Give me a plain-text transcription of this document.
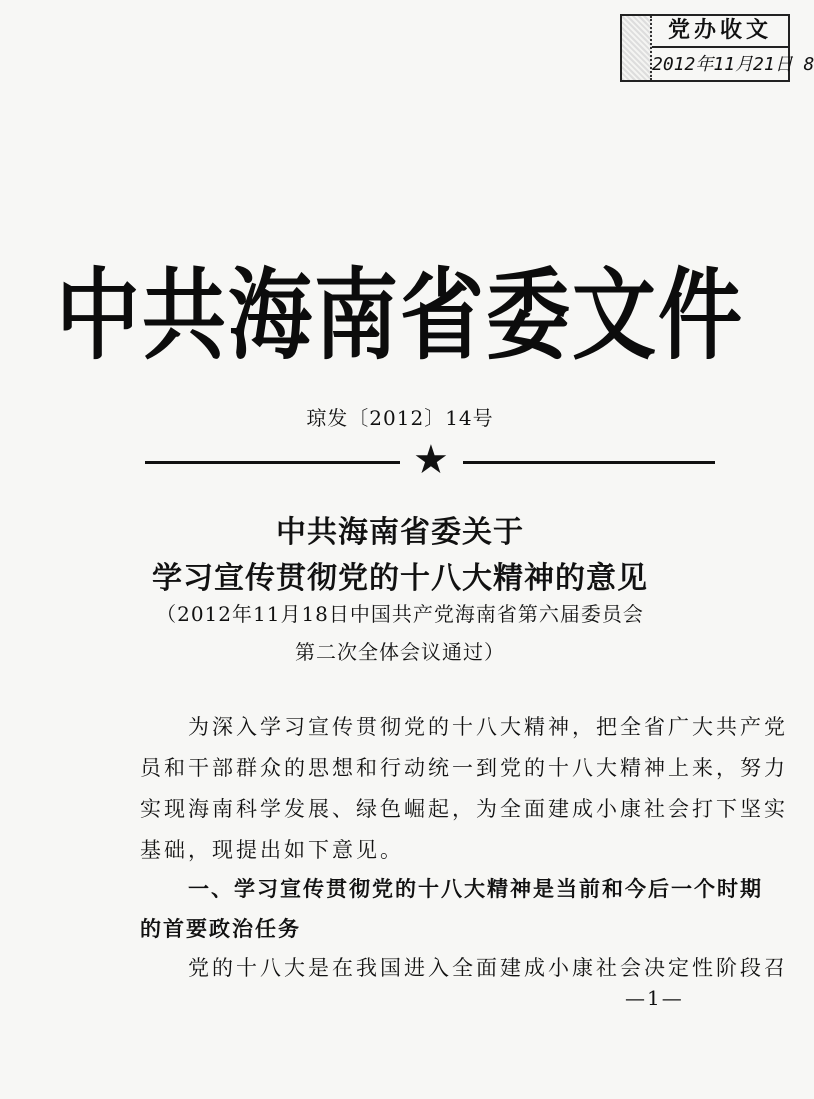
党办收文
2012年11月21日 8
中共海南省委文件
琼发〔2012〕14号
★
中共海南省委关于
学习宣传贯彻党的十八大精神的意见
（2012年11月18日中国共产党海南省第六届委员会
第二次全体会议通过）
为深入学习宣传贯彻党的十八大精神，把全省广大共产党
员和干部群众的思想和行动统一到党的十八大精神上来，努力
实现海南科学发展、绿色崛起，为全面建成小康社会打下坚实
基础，现提出如下意见。
一、学习宣传贯彻党的十八大精神是当前和今后一个时期
的首要政治任务
党的十八大是在我国进入全面建成小康社会决定性阶段召
—1—
